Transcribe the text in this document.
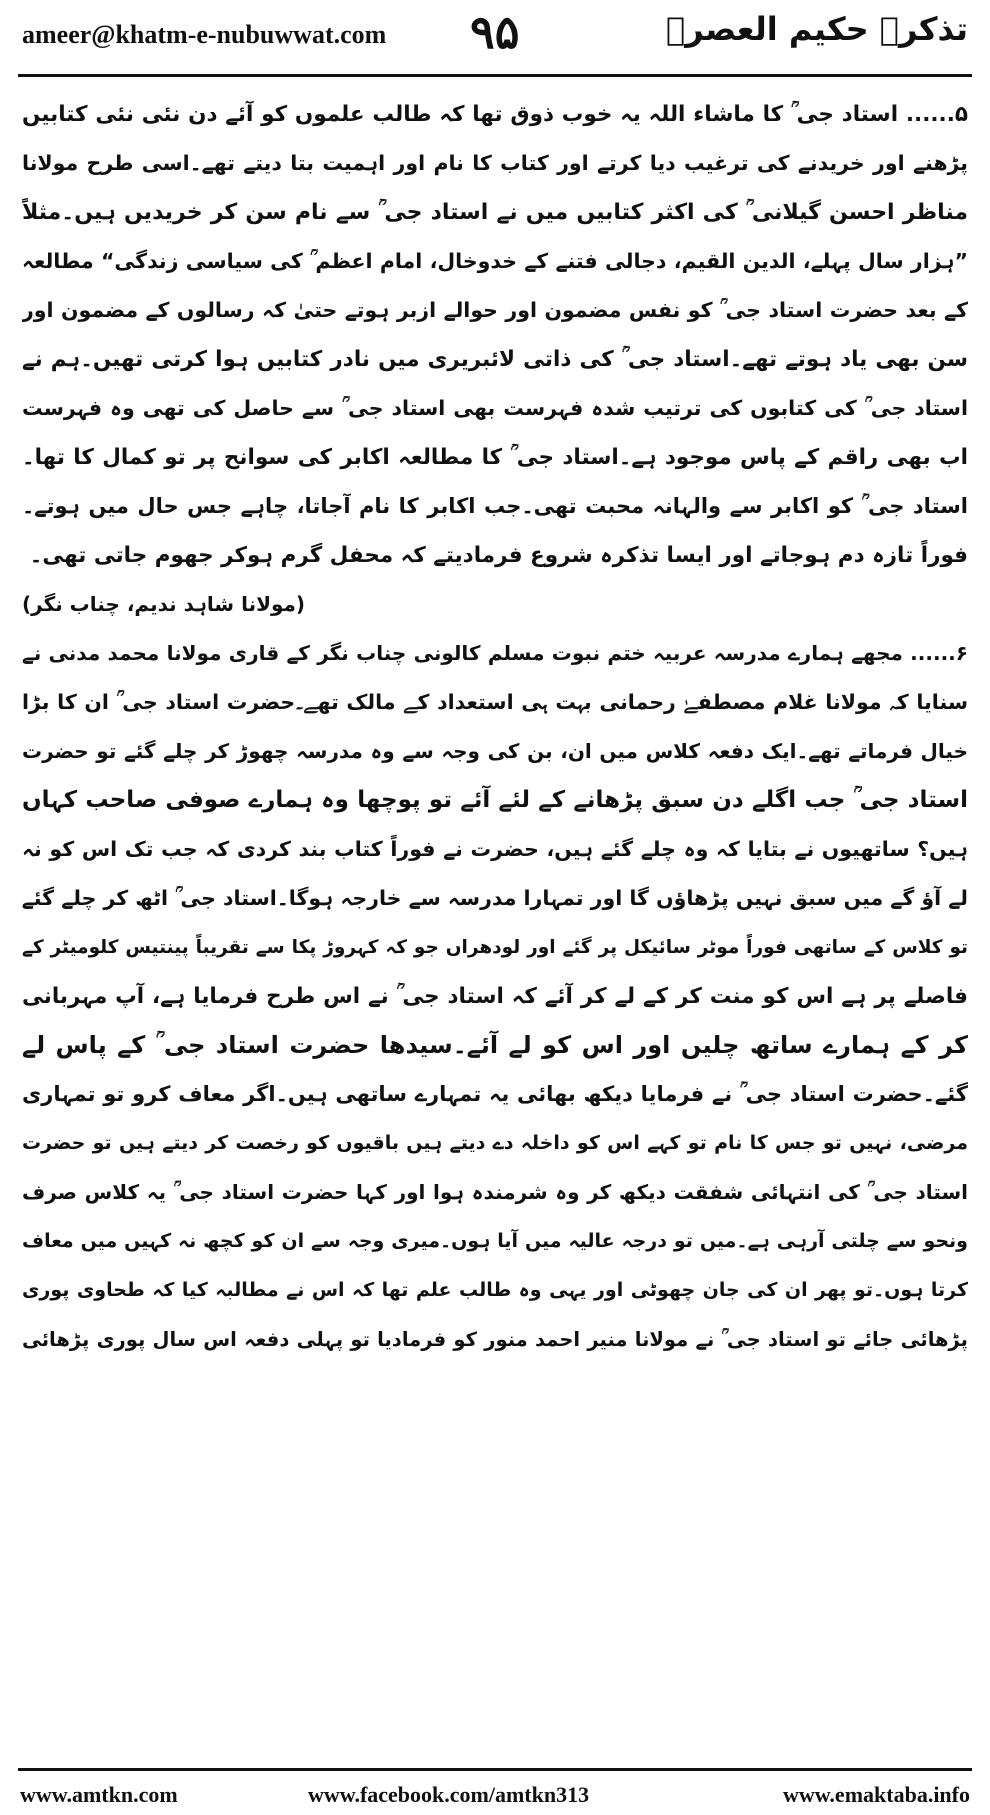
ameer@khatm-e-nubuwwat.com ۹۵	تذکرہ حکیم العصرؒ
۵...... استاد جی ؒ کا ماشاء اللہ یہ خوب ذوق تھا کہ طالب علموں کو آئے دن نئی نئی کتابیں
پڑھنے اور خریدنے کی ترغیب دیا کرتے اور کتاب کا نام اور اہمیت بتا دیتے تھے۔اسی طرح مولانا
مناظر احسن گیلانی ؒ کی اکثر کتابیں میں نے استاد جی ؒ سے نام سن کر خریدیں ہیں۔مثلاً
”ہزار سال پہلے، الدین القیم، دجالی فتنے کے خدوخال، امام اعظم ؒ کی سیاسی زندگی“ مطالعہ
کے بعد حضرت استاد جی ؒ کو نفس مضمون اور حوالے ازبر ہوتے حتیٰ کہ رسالوں کے مضمون اور
سن بھی یاد ہوتے تھے۔استاد جی ؒ کی ذاتی لائبریری میں نادر کتابیں ہوا کرتی تھیں۔ہم نے
استاد جی ؒ کی کتابوں کی ترتیب شدہ فہرست بھی استاد جی ؒ سے حاصل کی تھی وہ فہرست
اب بھی راقم کے پاس موجود ہے۔استاد جی ؒ کا مطالعہ اکابر کی سوانح پر تو کمال کا تھا۔
استاد جی ؒ کو اکابر سے والہانہ محبت تھی۔جب اکابر کا نام آجاتا، چاہے جس حال میں ہوتے۔
فوراً تازہ دم ہوجاتے اور ایسا تذکرہ شروع فرمادیتے کہ محفل گرم ہوکر جھوم جاتی تھی۔
(مولانا شاہد ندیم، چناب نگر)
۶...... مجھے ہمارے مدرسہ عربیہ ختم نبوت مسلم کالونی چناب نگر کے قاری مولانا محمد مدنی نے
سنایا کہ مولانا غلام مصطفےٰ رحمانی بہت ہی استعداد کے مالک تھے۔حضرت استاد جی ؒ ان کا بڑا
خیال فرماتے تھے۔ایک دفعہ کلاس میں ان، بن کی وجہ سے وہ مدرسہ چھوڑ کر چلے گئے تو حضرت
استاد جی ؒ جب اگلے دن سبق پڑھانے کے لئے آئے تو پوچھا وہ ہمارے صوفی صاحب کہاں
ہیں؟ ساتھیوں نے بتایا کہ وہ چلے گئے ہیں، حضرت نے فوراً کتاب بند کردی کہ جب تک اس کو نہ
لے آؤ گے میں سبق نہیں پڑھاؤں گا اور تمہارا مدرسہ سے خارجہ ہوگا۔استاد جی ؒ اٹھ کر چلے گئے
تو کلاس کے ساتھی فوراً موٹر سائیکل پر گئے اور لودھراں جو کہ کہروڑ پکا سے تقریباً پینتیس کلومیٹر کے
فاصلے پر ہے اس کو منت کر کے لے کر آئے کہ استاد جی ؒ نے اس طرح فرمایا ہے، آپ مہربانی
کر کے ہمارے ساتھ چلیں اور اس کو لے آئے۔سیدھا حضرت استاد جی ؒ کے پاس لے
گئے۔حضرت استاد جی ؒ نے فرمایا دیکھ بھائی یہ تمہارے ساتھی ہیں۔اگر معاف کرو تو تمہاری
مرضی، نہیں تو جس کا نام تو کہے اس کو داخلہ دے دیتے ہیں باقیوں کو رخصت کر دیتے ہیں تو حضرت
استاد جی ؒ کی انتہائی شفقت دیکھ کر وہ شرمندہ ہوا اور کہا حضرت استاد جی ؒ یہ کلاس صرف
ونحو سے چلتی آرہی ہے۔میں تو درجہ عالیہ میں آیا ہوں۔میری وجہ سے ان کو کچھ نہ کہیں میں معاف
کرتا ہوں۔تو پھر ان کی جان چھوٹی اور یہی وہ طالب علم تھا کہ اس نے مطالبہ کیا کہ طحاوی پوری
پڑھائی جائے تو استاد جی ؒ نے مولانا منیر احمد منور کو فرمادیا تو پہلی دفعہ اس سال پوری پڑھائی
www.amtkn.com	www.facebook.com/amtkn313	www.emaktaba.info
